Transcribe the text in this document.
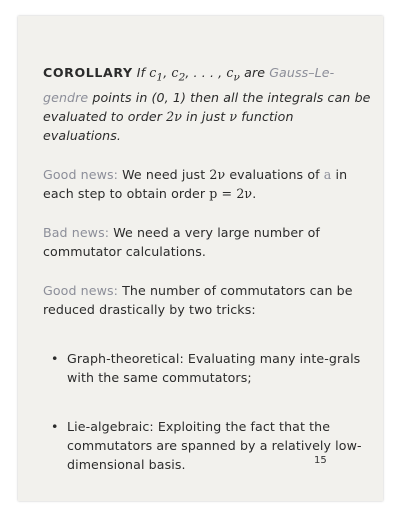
COROLLARY If $c_1$, $c_2$, . . . , $c_\nu$ are Gauss–Le-gendre points in (0, 1) then all the integrals can be evaluated to order 2ν in just ν function evaluations.

Good news: We need just 2ν evaluations of a in each step to obtain order p = 2ν.

Bad news: We need a very large number of commutator calculations.

Good news: The number of commutators can be reduced drastically by two tricks:

• Graph-theoretical: Evaluating many inte-grals with the same commutators;
• Lie-algebraic: Exploiting the fact that the commutators are spanned by a relatively low-dimensional basis.	15
